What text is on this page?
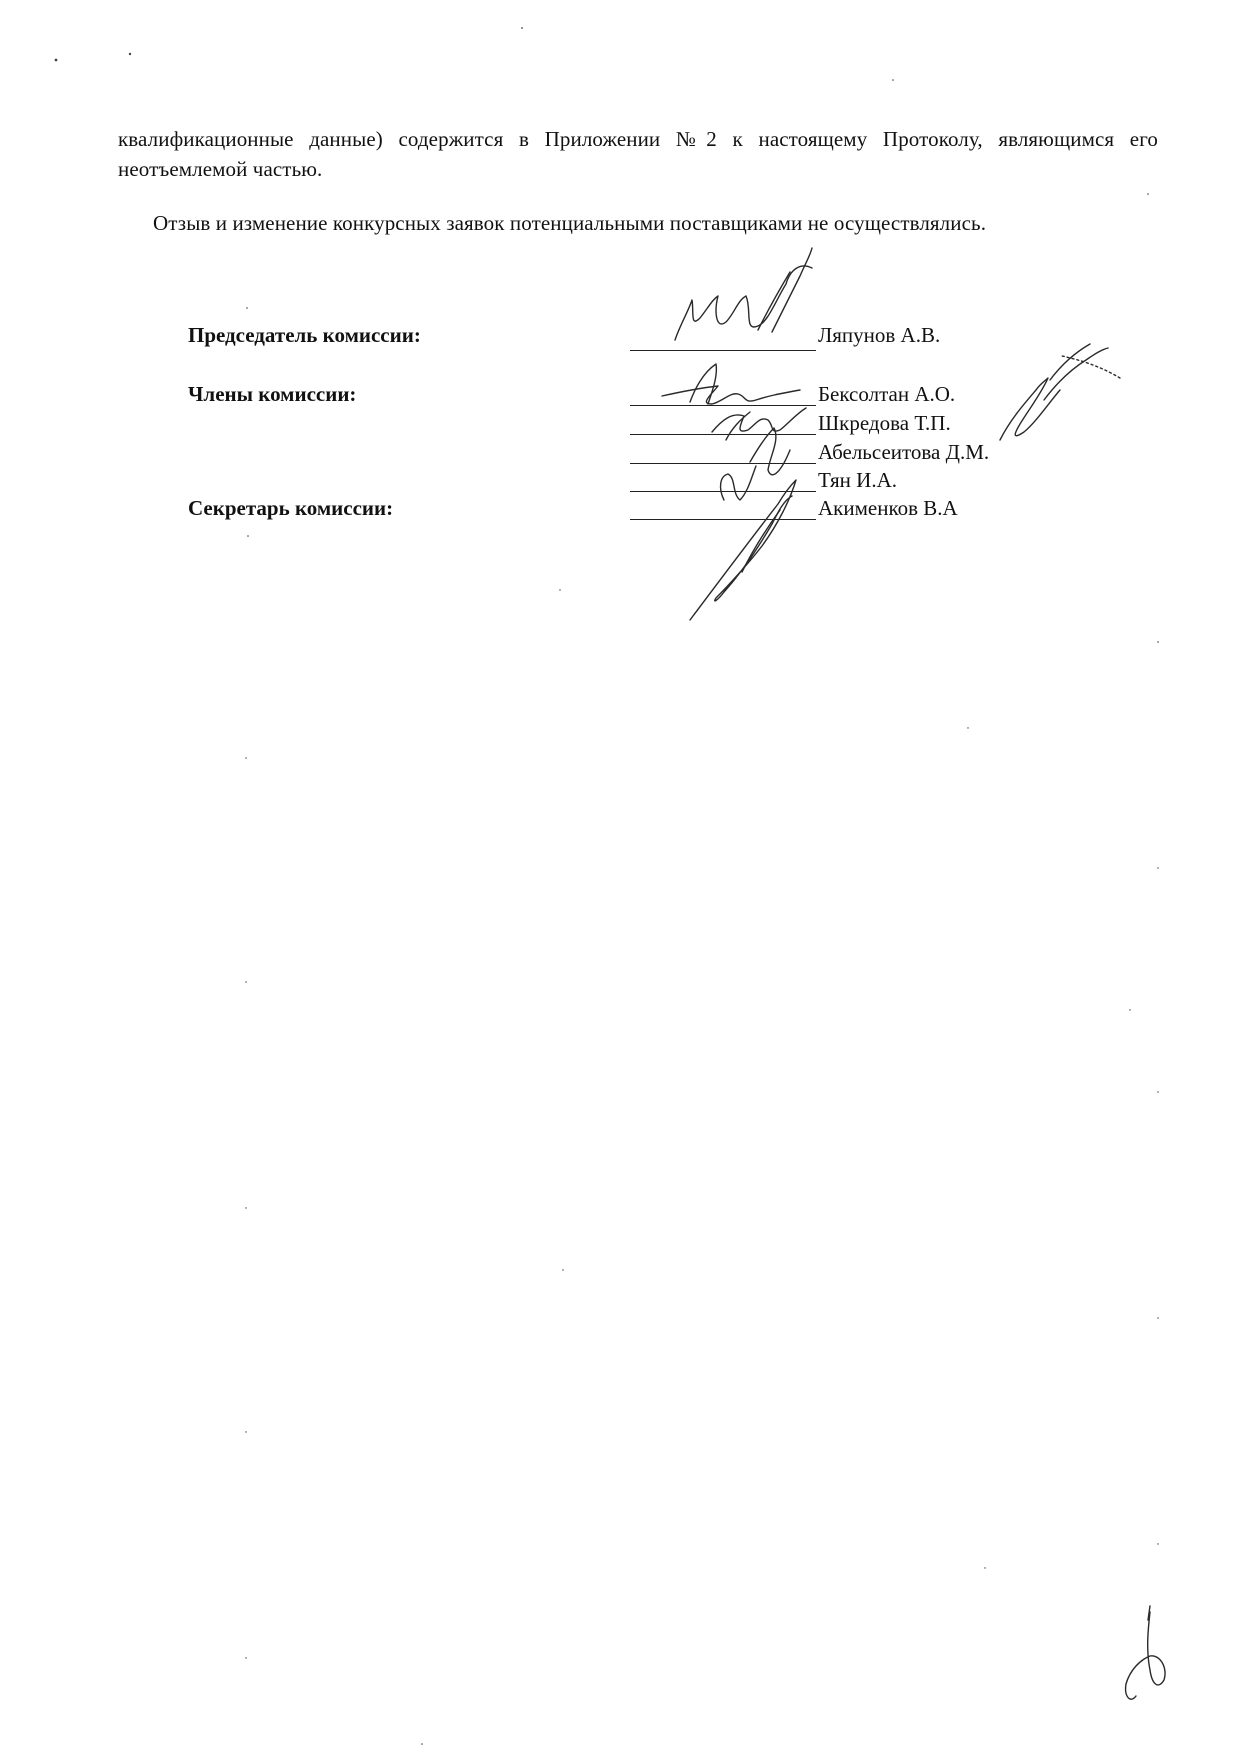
квалификационные данные) содержится в Приложении №2 к настоящему Протоколу, являющимся его неотъемлемой частью.
Отзыв и изменение конкурсных заявок потенциальными поставщиками не осуществлялись.
Председатель комиссии:
Члены комиссии:
Секретарь комиссии:
Ляпунов А.В.
Бексолтан А.О.
Шкредова Т.П.
Абельсеитова Д.М.
Тян И.А.
Акименков В.А
